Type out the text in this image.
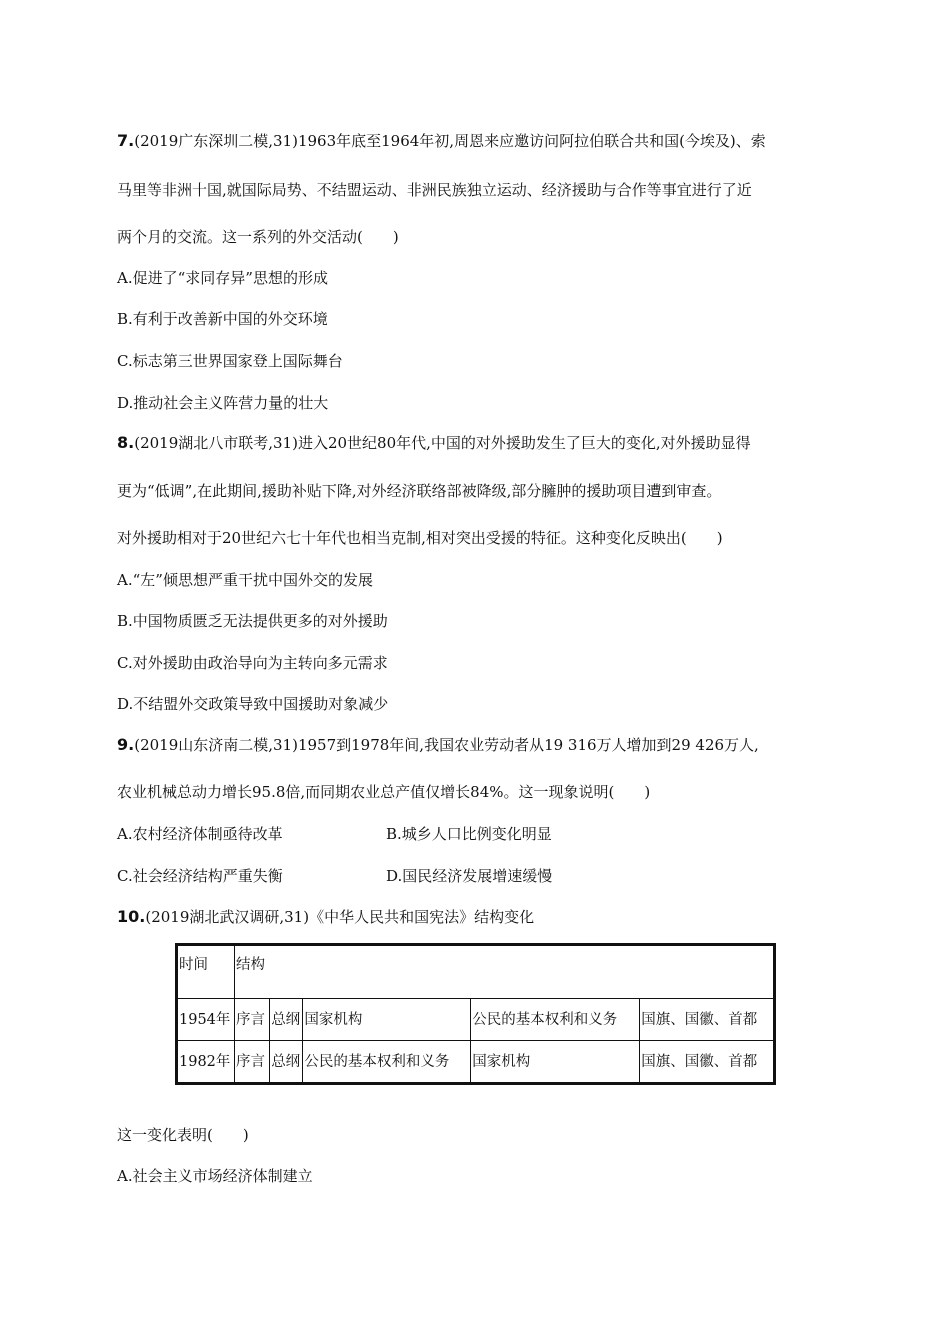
7.(2019广东深圳二模,31)1963年底至1964年初,周恩来应邀访问阿拉伯联合共和国(今埃及)、索
马里等非洲十国,就国际局势、不结盟运动、非洲民族独立运动、经济援助与合作等事宜进行了近
两个月的交流。这一系列的外交活动(　　)
A.促进了“求同存异”思想的形成
B.有利于改善新中国的外交环境
C.标志第三世界国家登上国际舞台
D.推动社会主义阵营力量的壮大
8.(2019湖北八市联考,31)进入20世纪80年代,中国的对外援助发生了巨大的变化,对外援助显得
更为“低调”,在此期间,援助补贴下降,对外经济联络部被降级,部分臃肿的援助项目遭到审查。
对外援助相对于20世纪六七十年代也相当克制,相对突出受援的特征。这种变化反映出(　　)
A.“左”倾思想严重干扰中国外交的发展
B.中国物质匮乏无法提供更多的对外援助
C.对外援助由政治导向为主转向多元需求
D.不结盟外交政策导致中国援助对象减少
9.(2019山东济南二模,31)1957到1978年间,我国农业劳动者从19 316万人增加到29 426万人,
农业机械总动力增长95.8倍,而同期农业总产值仅增长84%。这一现象说明(　　)
A.农村经济体制亟待改革	B.城乡人口比例变化明显
C.社会经济结构严重失衡	D.国民经济发展增速缓慢
10.(2019湖北武汉调研,31)《中华人民共和国宪法》结构变化
时间	结构				
1954年	序言	总纲	国家机构	公民的基本权利和义务	国旗、国徽、首都
1982年	序言	总纲	公民的基本权利和义务	国家机构	国旗、国徽、首都
这一变化表明(　　)
A.社会主义市场经济体制建立
